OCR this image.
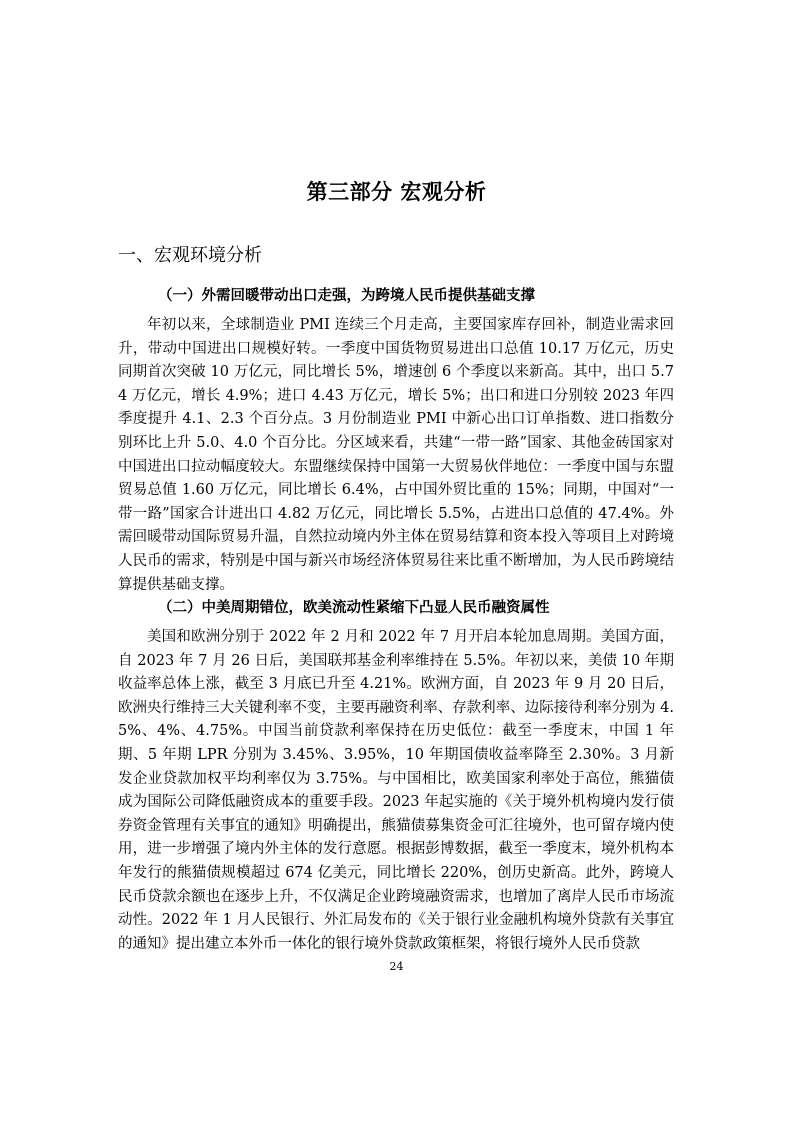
第三部分 宏观分析
一、宏观环境分析
（一）外需回暖带动出口走强，为跨境人民币提供基础支撑

年初以来，全球制造业 PMI 连续三个月走高，主要国家库存回补，制造业需求回升，带动中国进出口规模好转。一季度中国货物贸易进出口总值 10.17 万亿元，历史同期首次突破 10 万亿元，同比增长 5%，增速创 6 个季度以来新高。其中，出口 5.74 万亿元，增长 4.9%；进口 4.43 万亿元，增长 5%；出口和进口分别较 2023 年四季度提升 4.1、2.3 个百分点。3 月份制造业 PMI 中新心出口订单指数、进口指数分别环比上升 5.0、4.0 个百分比。分区域来看，共建“一带一路”国家、其他金砖国家对中国进出口拉动幅度较大。东盟继续保持中国第一大贸易伙伴地位：一季度中国与东盟贸易总值 1.60 万亿元，同比增长 6.4%，占中国外贸比重的 15%；同期，中国对“一带一路”国家合计进出口 4.82 万亿元，同比增长 5.5%，占进出口总值的 47.4%。外需回暖带动国际贸易升温，自然拉动境内外主体在贸易结算和资本投入等项目上对跨境人民币的需求，特别是中国与新兴市场经济体贸易往来比重不断增加，为人民币跨境结算提供基础支撑。

（二）中美周期错位，欧美流动性紧缩下凸显人民币融资属性

美国和欧洲分别于 2022 年 2 月和 2022 年 7 月开启本轮加息周期。美国方面，自 2023 年 7 月 26 日后，美国联邦基金利率维持在 5.5%。年初以来，美债 10 年期收益率总体上涨，截至 3 月底已升至 4.21%。欧洲方面，自 2023 年 9 月 20 日后，欧洲央行维持三大关键利率不变，主要再融资利率、存款利率、边际接待利率分别为 4.5%、4%、4.75%。中国当前贷款利率保持在历史低位：截至一季度末，中国 1 年期、5 年期 LPR 分别为 3.45%、3.95%，10 年期国债收益率降至 2.30%。3 月新发企业贷款加权平均利率仅为 3.75%。与中国相比，欧美国家利率处于高位，熊猫债成为国际公司降低融资成本的重要手段。2023 年起实施的《关于境外机构境内发行债券资金管理有关事宜的通知》明确提出，熊猫债募集资金可汇往境外，也可留存境内使用，进一步增强了境内外主体的发行意愿。根据彭博数据，截至一季度末，境外机构本年发行的熊猫债规模超过 674 亿美元，同比增长 220%，创历史新高。此外，跨境人民币贷款余额也在逐步上升，不仅满足企业跨境融资需求，也增加了离岸人民币市场流动性。2022 年 1 月人民银行、外汇局发布的《关于银行业金融机构境外贷款有关事宜的通知》提出建立本外币一体化的银行境外贷款政策框架，将银行境外人民币贷款

24
